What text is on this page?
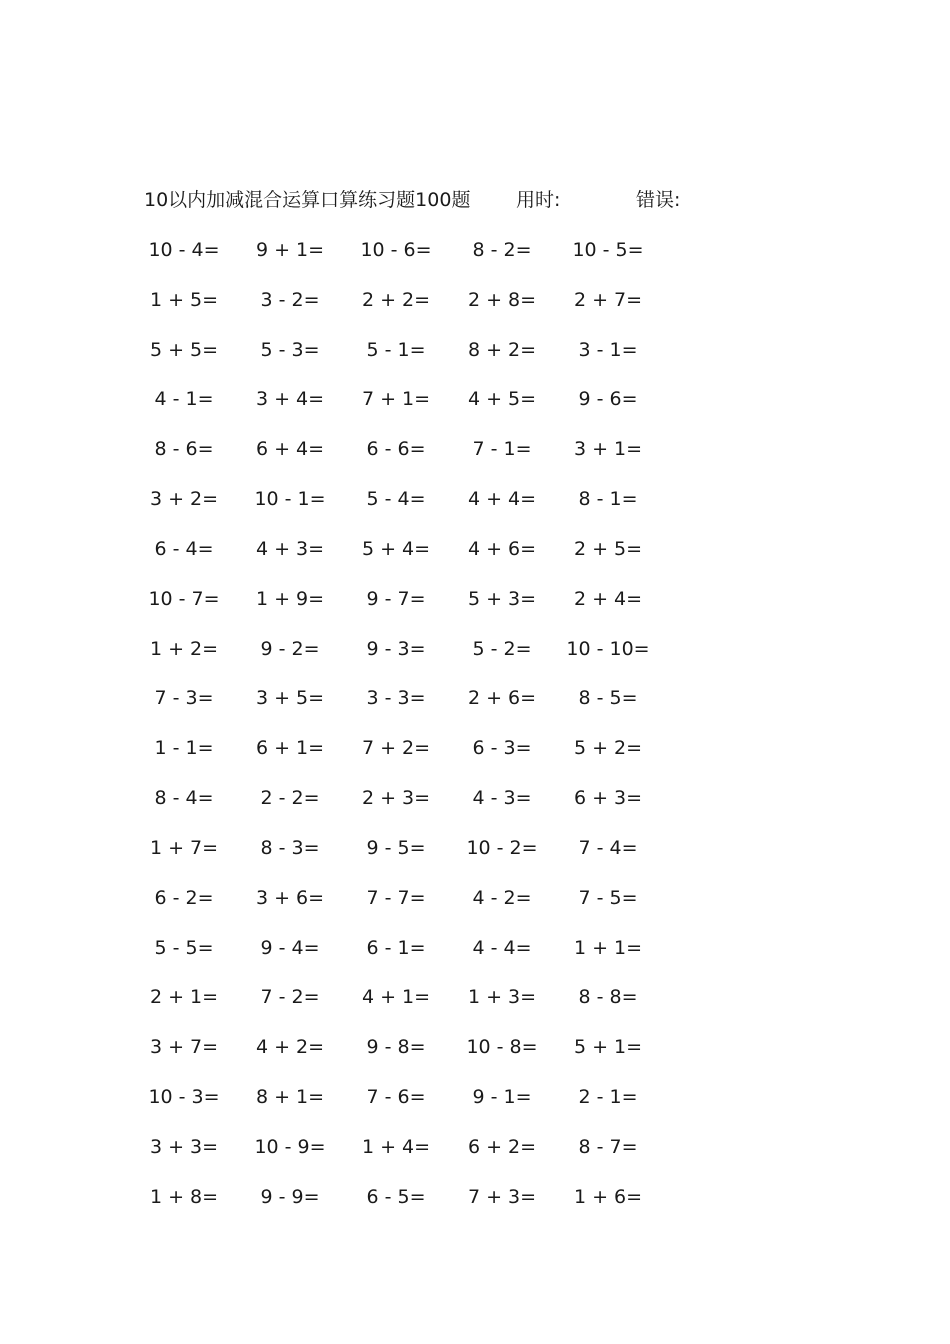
10以内加减混合运算口算练习题100题 用时:	错误:
10 - 4= 9 + 1= 10 - 6= 8 - 2= 10 - 5=
1 + 5= 3 - 2= 2 + 2= 2 + 8= 2 + 7=
5 + 5= 5 - 3= 5 - 1= 8 + 2= 3 - 1=
4 - 1= 3 + 4= 7 + 1= 4 + 5= 9 - 6=
8 - 6= 6 + 4= 6 - 6= 7 - 1= 3 + 1=
3 + 2= 10 - 1= 5 - 4= 4 + 4= 8 - 1=
6 - 4= 4 + 3= 5 + 4= 4 + 6= 2 + 5=
10 - 7= 1 + 9= 9 - 7= 5 + 3= 2 + 4=
1 + 2= 9 - 2= 9 - 3= 5 - 2= 10 - 10=
7 - 3= 3 + 5= 3 - 3= 2 + 6= 8 - 5=
1 - 1= 6 + 1= 7 + 2= 6 - 3= 5 + 2=
8 - 4= 2 - 2= 2 + 3= 4 - 3= 6 + 3=
1 + 7= 8 - 3= 9 - 5= 10 - 2= 7 - 4=
6 - 2= 3 + 6= 7 - 7= 4 - 2= 7 - 5=
5 - 5= 9 - 4= 6 - 1= 4 - 4= 1 + 1=
2 + 1= 7 - 2= 4 + 1= 1 + 3= 8 - 8=
3 + 7= 4 + 2= 9 - 8= 10 - 8= 5 + 1=
10 - 3= 8 + 1= 7 - 6= 9 - 1= 2 - 1=
3 + 3= 10 - 9= 1 + 4= 6 + 2= 8 - 7=
1 + 8= 9 - 9= 6 - 5= 7 + 3= 1 + 6=
